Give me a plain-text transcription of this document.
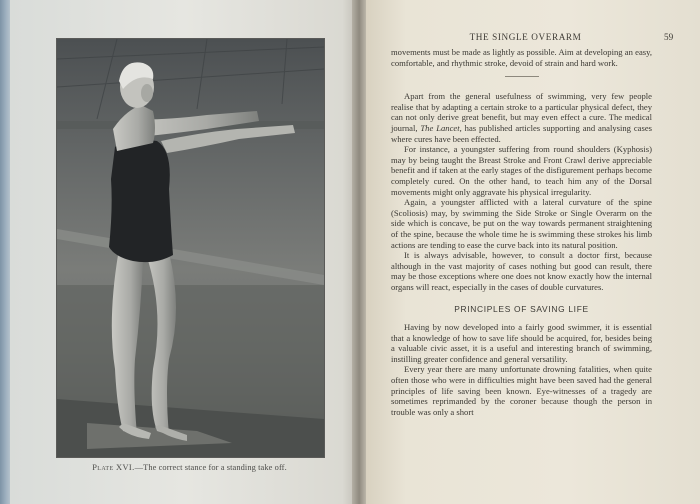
Plate XVI.—The correct stance for a standing take off.
THE SINGLE OVERARM	59

movements must be made as lightly as possible. Aim at developing an easy, comfortable, and rhythmic stroke, devoid of strain and hard work.

Apart from the general usefulness of swimming, very few people realise that by adapting a certain stroke to a particular physical defect, they can not only derive great benefit, but may even effect a cure. The medical journal, The Lancet, has published articles supporting and analysing cases where cures have been effected.

For instance, a youngster suffering from round shoulders (Kyphosis) may by being taught the Breast Stroke and Front Crawl derive appreciable benefit and if taken at the early stages of the disfigurement perhaps become completely cured. On the other hand, to teach him any of the Dorsal movements might only aggravate his physical irregularity.

Again, a youngster afflicted with a lateral curvature of the spine (Scoliosis) may, by swimming the Side Stroke or Single Overarm on the side which is concave, be put on the way towards permanent straightening of the spine, because the whole time he is swimming these strokes his limb actions are tending to ease the curve back into its natural position.

It is always advisable, however, to consult a doctor first, because although in the vast majority of cases nothing but good can result, there may be those exceptions where one does not know exactly how the internal organs will react, especially in the cases of double curvatures.

PRINCIPLES OF SAVING LIFE

Having by now developed into a fairly good swimmer, it is essential that a knowledge of how to save life should be acquired, for, besides being a valuable civic asset, it is a useful and interesting branch of swimming, instilling greater confidence and general versatility.

Every year there are many unfortunate drowning fatalities, when quite often those who were in difficulties might have been saved had the general principles of life saving been known. Eye-witnesses of a tragedy are sometimes reprimanded by the coroner because though the person in trouble was only a short
